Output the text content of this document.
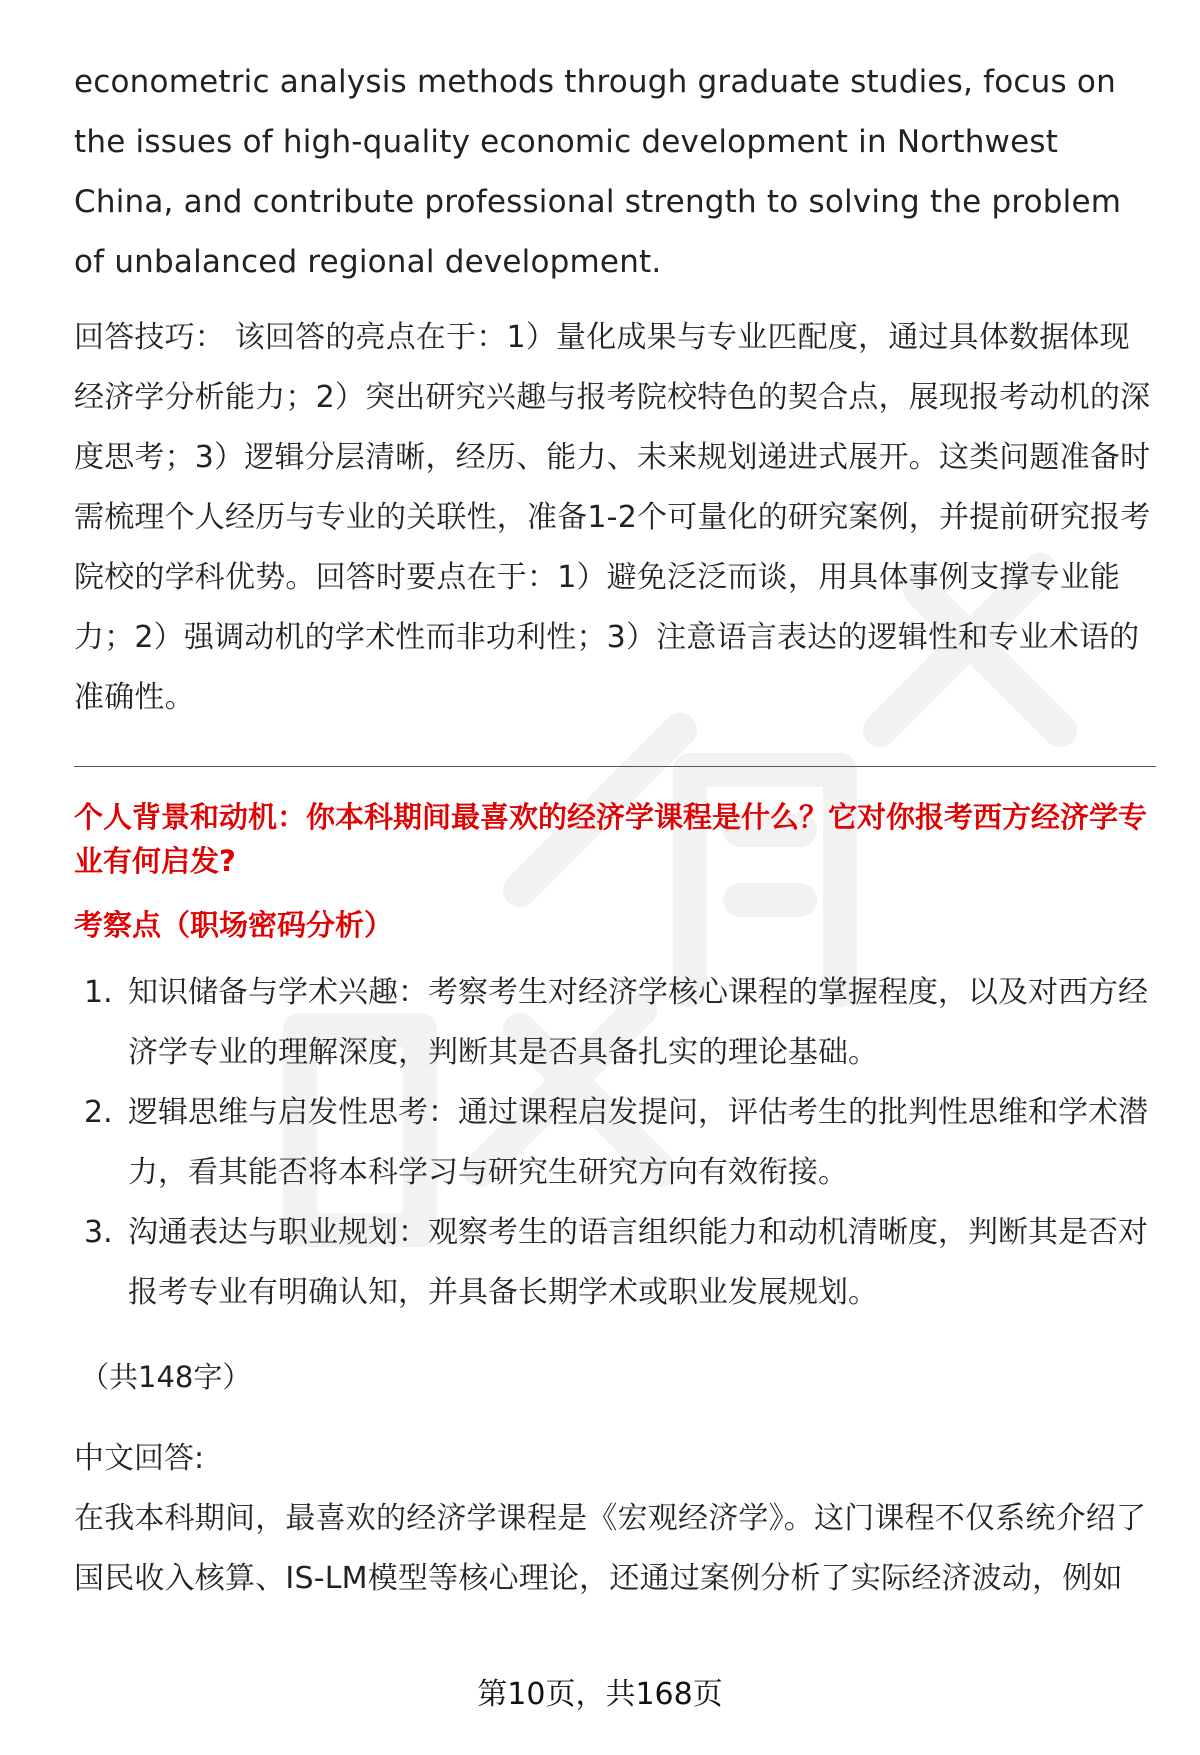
econometric analysis methods through graduate studies, focus on the issues of high-quality economic development in Northwest China, and contribute professional strength to solving the problem of unbalanced regional development.

回答技巧： 该回答的亮点在于：1）量化成果与专业匹配度，通过具体数据体现经济学分析能力；2）突出研究兴趣与报考院校特色的契合点，展现报考动机的深度思考；3）逻辑分层清晰，经历、能力、未来规划递进式展开。这类问题准备时需梳理个人经历与专业的关联性，准备1-2个可量化的研究案例，并提前研究报考院校的学科优势。回答时要点在于：1）避免泛泛而谈，用具体事例支撑专业能力；2）强调动机的学术性而非功利性；3）注意语言表达的逻辑性和专业术语的准确性。

个人背景和动机：你本科期间最喜欢的经济学课程是什么？它对你报考西方经济学专业有何启发?

考察点（职场密码分析）

1. 知识储备与学术兴趣：考察考生对经济学核心课程的掌握程度，以及对西方经济学专业的理解深度，判断其是否具备扎实的理论基础。
2. 逻辑思维与启发性思考：通过课程启发提问，评估考生的批判性思维和学术潜力，看其能否将本科学习与研究生研究方向有效衔接。
3. 沟通表达与职业规划：观察考生的语言组织能力和动机清晰度，判断其是否对报考专业有明确认知，并具备长期学术或职业发展规划。

（共148字）

中文回答:

在我本科期间，最喜欢的经济学课程是《宏观经济学》。这门课程不仅系统介绍了国民收入核算、IS-LM模型等核心理论，还通过案例分析了实际经济波动，例如

第10页，共168页
